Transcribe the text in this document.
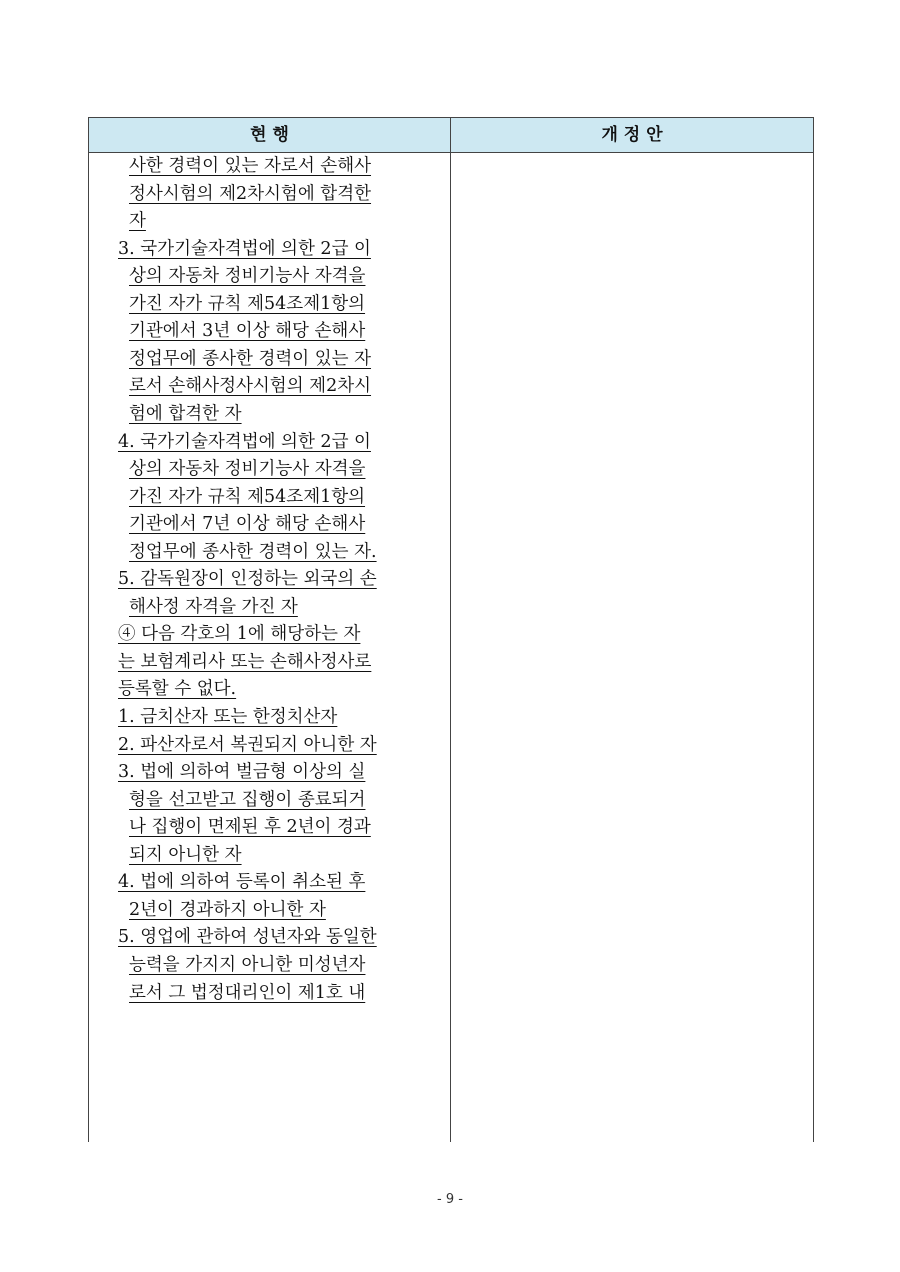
현 행	개 정 안
사한 경력이 있는 자로서 손해사
정사시험의 제2차시험에 합격한
자
3. 국가기술자격법에 의한 2급 이
상의 자동차 정비기능사 자격을
가진 자가 규칙 제54조제1항의
기관에서 3년 이상 해당 손해사
정업무에 종사한 경력이 있는 자
로서 손해사정사시험의 제2차시
험에 합격한 자
4. 국가기술자격법에 의한 2급 이
상의 자동차 정비기능사 자격을
가진 자가 규칙 제54조제1항의
기관에서 7년 이상 해당 손해사
정업무에 종사한 경력이 있는 자.
5. 감독원장이 인정하는 외국의 손
해사정 자격을 가진 자
④ 다음 각호의 1에 해당하는 자
는 보험계리사 또는 손해사정사로
등록할 수 없다.
1. 금치산자 또는 한정치산자
2. 파산자로서 복권되지 아니한 자
3. 법에 의하여 벌금형 이상의 실
형을 선고받고 집행이 종료되거
나 집행이 면제된 후 2년이 경과
되지 아니한 자
4. 법에 의하여 등록이 취소된 후
2년이 경과하지 아니한 자
5. 영업에 관하여 성년자와 동일한
능력을 가지지 아니한 미성년자
로서 그 법정대리인이 제1호 내
- 9 -
